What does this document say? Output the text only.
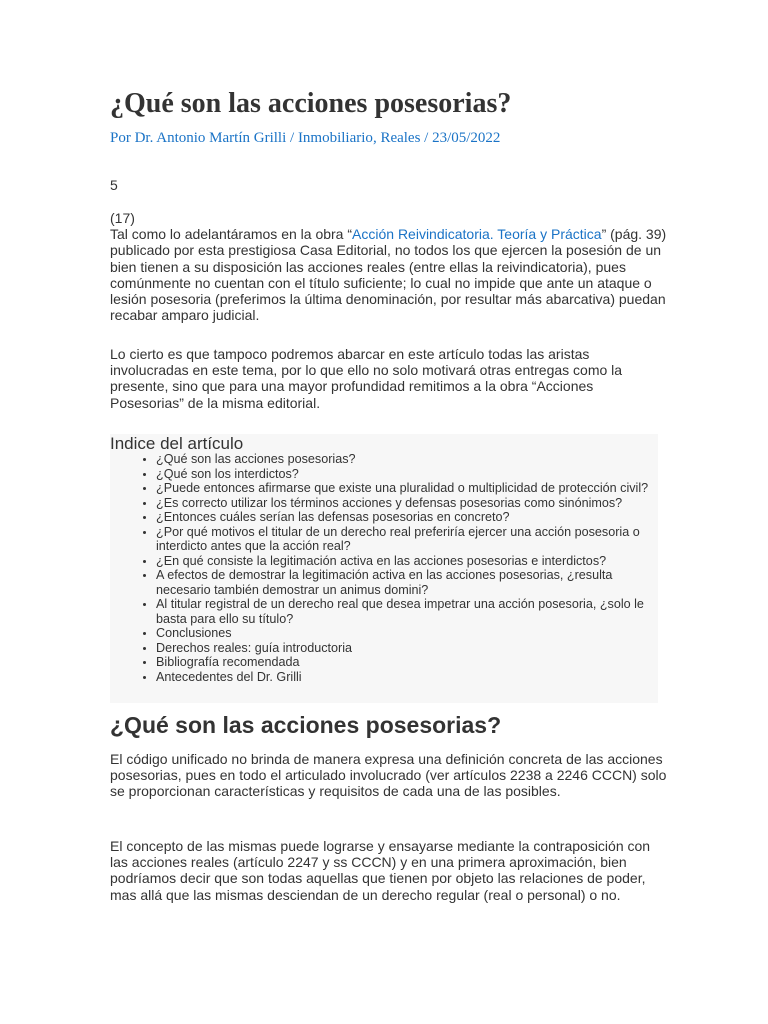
¿Qué son las acciones posesorias?

Por Dr. Antonio Martín Grilli / Inmobiliario, Reales / 23/05/2022

5

(17)
Tal como lo adelantáramos en la obra “Acción Reivindicatoria. Teoría y Práctica” (pág. 39) publicado por esta prestigiosa Casa Editorial, no todos los que ejercen la posesión de un bien tienen a su disposición las acciones reales (entre ellas la reivindicatoria), pues comúnmente no cuentan con el título suficiente; lo cual no impide que ante un ataque o lesión posesoria (preferimos la última denominación, por resultar más abarcativa) puedan recabar amparo judicial.

Lo cierto es que tampoco podremos abarcar en este artículo todas las aristas involucradas en este tema, por lo que ello no solo motivará otras entregas como la presente, sino que para una mayor profundidad remitimos a la obra “Acciones Posesorias” de la misma editorial.

Indice del artículo

• ¿Qué son las acciones posesorias?
• ¿Qué son los interdictos?
• ¿Puede entonces afirmarse que existe una pluralidad o multiplicidad de protección civil?
• ¿Es correcto utilizar los términos acciones y defensas posesorias como sinónimos?
• ¿Entonces cuáles serían las defensas posesorias en concreto?
• ¿Por qué motivos el titular de un derecho real preferiría ejercer una acción posesoria o interdicto antes que la acción real?
• ¿En qué consiste la legitimación activa en las acciones posesorias e interdictos?
• A efectos de demostrar la legitimación activa en las acciones posesorias, ¿resulta necesario también demostrar un animus domini?
• Al titular registral de un derecho real que desea impetrar una acción posesoria, ¿solo le basta para ello su título?
• Conclusiones
• Derechos reales: guía introductoria
• Bibliografía recomendada
• Antecedentes del Dr. Grilli
¿Qué son las acciones posesorias?

El código unificado no brinda de manera expresa una definición concreta de las acciones posesorias, pues en todo el articulado involucrado (ver artículos 2238 a 2246 CCCN) solo se proporcionan características y requisitos de cada una de las posibles.

El concepto de las mismas puede lograrse y ensayarse mediante la contraposición con las acciones reales (artículo 2247 y ss CCCN) y en una primera aproximación, bien podríamos decir que son todas aquellas que tienen por objeto las relaciones de poder, mas allá que las mismas desciendan de un derecho regular (real o personal) o no.
